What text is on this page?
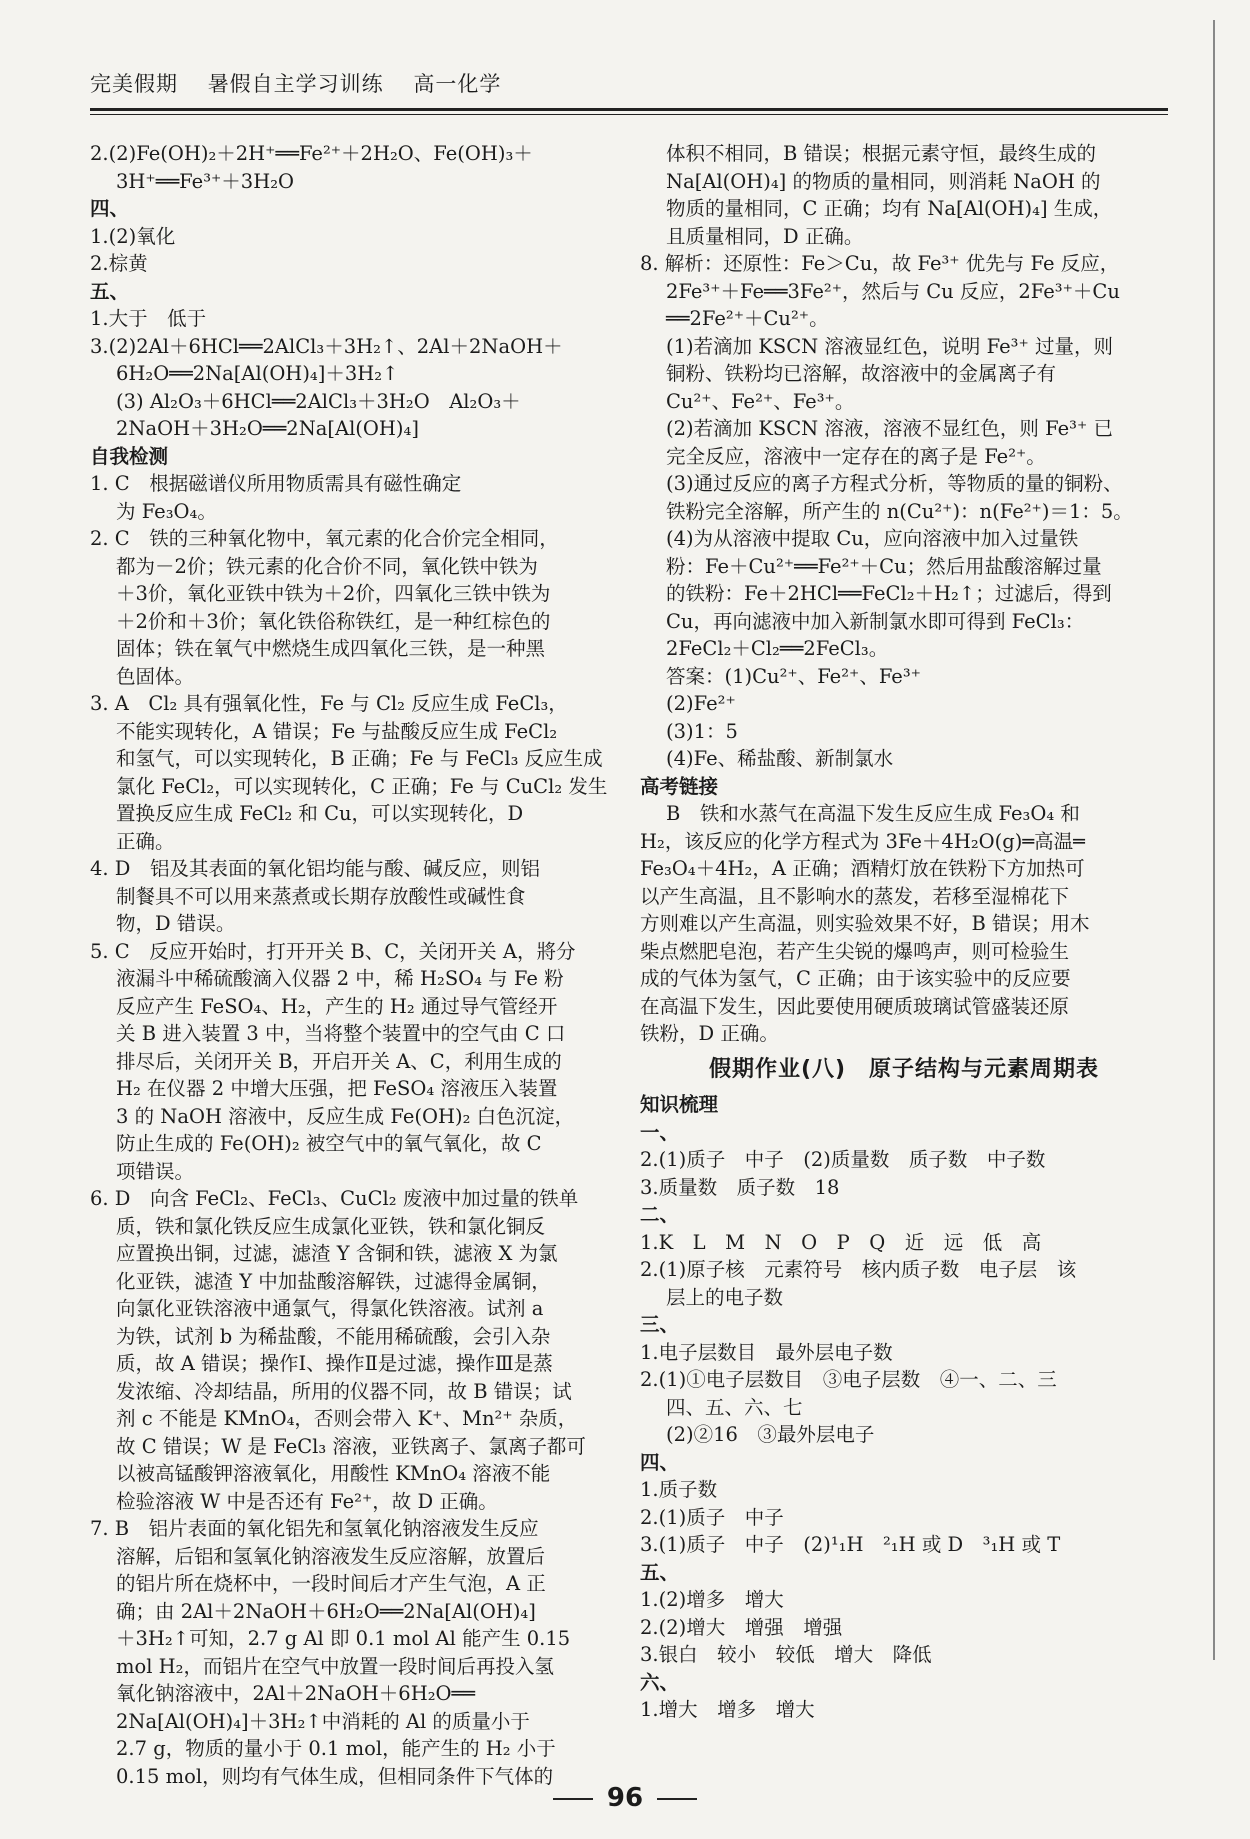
完美假期 暑假自主学习训练 高一化学

2.(2)Fe(OH)₂＋2H⁺══Fe²⁺＋2H₂O、Fe(OH)₃＋

3H⁺══Fe³⁺＋3H₂O

四、

1.(2)氧化

2.棕黄

五、

1.大于　低于

3.(2)2Al＋6HCl══2AlCl₃＋3H₂↑、2Al＋2NaOH＋

6H₂O══2Na[Al(OH)₄]＋3H₂↑

(3) Al₂O₃＋6HCl══2AlCl₃＋3H₂O　Al₂O₃＋

2NaOH＋3H₂O══2Na[Al(OH)₄]

自我检测

1. C　根据磁谱仪所用物质需具有磁性确定

为 Fe₃O₄。

2. C　铁的三种氧化物中，氧元素的化合价完全相同，

都为－2价；铁元素的化合价不同，氧化铁中铁为

＋3价，氧化亚铁中铁为＋2价，四氧化三铁中铁为

＋2价和＋3价；氧化铁俗称铁红，是一种红棕色的

固体；铁在氧气中燃烧生成四氧化三铁，是一种黑

色固体。

3. A　Cl₂ 具有强氧化性，Fe 与 Cl₂ 反应生成 FeCl₃，

不能实现转化，A 错误；Fe 与盐酸反应生成 FeCl₂

和氢气，可以实现转化，B 正确；Fe 与 FeCl₃ 反应生成

氯化 FeCl₂，可以实现转化，C 正确；Fe 与 CuCl₂ 发生

置换反应生成 FeCl₂ 和 Cu，可以实现转化，D

正确。

4. D　铝及其表面的氧化铝均能与酸、碱反应，则铝

制餐具不可以用来蒸煮或长期存放酸性或碱性食

物，D 错误。

5. C　反应开始时，打开开关 B、C，关闭开关 A，將分

液漏斗中稀硫酸滴入仪器 2 中，稀 H₂SO₄ 与 Fe 粉

反应产生 FeSO₄、H₂，产生的 H₂ 通过导气管经开

关 B 进入装置 3 中，当将整个装置中的空气由 C 口

排尽后，关闭开关 B，开启开关 A、C，利用生成的

H₂ 在仪器 2 中增大压强，把 FeSO₄ 溶液压入装置

3 的 NaOH 溶液中，反应生成 Fe(OH)₂ 白色沉淀，

防止生成的 Fe(OH)₂ 被空气中的氧气氧化，故 C

项错误。

6. D　向含 FeCl₂、FeCl₃、CuCl₂ 废液中加过量的铁单

质，铁和氯化铁反应生成氯化亚铁，铁和氯化铜反

应置换出铜，过滤，滤渣 Y 含铜和铁，滤液 X 为氯

化亚铁，滤渣 Y 中加盐酸溶解铁，过滤得金属铜，

向氯化亚铁溶液中通氯气，得氯化铁溶液。试剂 a

为铁，试剂 b 为稀盐酸，不能用稀硫酸，会引入杂

质，故 A 错误；操作Ⅰ、操作Ⅱ是过滤，操作Ⅲ是蒸

发浓缩、冷却结晶，所用的仪器不同，故 B 错误；试

剂 c 不能是 KMnO₄，否则会带入 K⁺、Mn²⁺ 杂质，

故 C 错误；W 是 FeCl₃ 溶液，亚铁离子、氯离子都可

以被高锰酸钾溶液氧化，用酸性 KMnO₄ 溶液不能

检验溶液 W 中是否还有 Fe²⁺，故 D 正确。

7. B　铝片表面的氧化铝先和氢氧化钠溶液发生反应

溶解，后铝和氢氧化钠溶液发生反应溶解，放置后

的铝片所在烧杯中，一段时间后才产生气泡，A 正

确；由 2Al＋2NaOH＋6H₂O══2Na[Al(OH)₄]

＋3H₂↑可知，2.7 g Al 即 0.1 mol Al 能产生 0.15

mol H₂，而铝片在空气中放置一段时间后再投入氢

氧化钠溶液中，2Al＋2NaOH＋6H₂O══

2Na[Al(OH)₄]＋3H₂↑中消耗的 Al 的质量小于

2.7 g，物质的量小于 0.1 mol，能产生的 H₂ 小于

0.15 mol，则均有气体生成，但相同条件下气体的

体积不相同，B 错误；根据元素守恒，最终生成的

Na[Al(OH)₄] 的物质的量相同，则消耗 NaOH 的

物质的量相同，C 正确；均有 Na[Al(OH)₄] 生成，

且质量相同，D 正确。

8. 解析：还原性：Fe＞Cu，故 Fe³⁺ 优先与 Fe 反应，

2Fe³⁺＋Fe══3Fe²⁺，然后与 Cu 反应，2Fe³⁺＋Cu

══2Fe²⁺＋Cu²⁺。

(1)若滴加 KSCN 溶液显红色，说明 Fe³⁺ 过量，则

铜粉、铁粉均已溶解，故溶液中的金属离子有

Cu²⁺、Fe²⁺、Fe³⁺。

(2)若滴加 KSCN 溶液，溶液不显红色，则 Fe³⁺ 已

完全反应，溶液中一定存在的离子是 Fe²⁺。

(3)通过反应的离子方程式分析，等物质的量的铜粉、

铁粉完全溶解，所产生的 n(Cu²⁺)：n(Fe²⁺)＝1：5。

(4)为从溶液中提取 Cu，应向溶液中加入过量铁

粉：Fe＋Cu²⁺══Fe²⁺＋Cu；然后用盐酸溶解过量

的铁粉：Fe＋2HCl══FeCl₂＋H₂↑；过滤后，得到

Cu，再向滤液中加入新制氯水即可得到 FeCl₃：

2FeCl₂＋Cl₂══2FeCl₃。

答案：(1)Cu²⁺、Fe²⁺、Fe³⁺

(2)Fe²⁺

(3)1：5

(4)Fe、稀盐酸、新制氯水

高考链接

B　铁和水蒸气在高温下发生反应生成 Fe₃O₄ 和

H₂，该反应的化学方程式为 3Fe＋4H₂O(g)═高温═

Fe₃O₄＋4H₂，A 正确；酒精灯放在铁粉下方加热可

以产生高温，且不影响水的蒸发，若移至湿棉花下

方则难以产生高温，则实验效果不好，B 错误；用木

柴点燃肥皂泡，若产生尖锐的爆鸣声，则可检验生

成的气体为氢气，C 正确；由于该实验中的反应要

在高温下发生，因此要使用硬质玻璃试管盛装还原

铁粉，D 正确。

假期作业(八)　原子结构与元素周期表

知识梳理

一、

2.(1)质子　中子　(2)质量数　质子数　中子数

3.质量数　质子数　18

二、

1.K　L　M　N　O　P　Q　近　远　低　高

2.(1)原子核　元素符号　核内质子数　电子层　该

层上的电子数

三、

1.电子层数目　最外层电子数

2.(1)①电子层数目　③电子层数　④一、二、三

四、五、六、七

(2)②16　③最外层电子

四、

1.质子数

2.(1)质子　中子

3.(1)质子　中子　(2)¹₁H　²₁H 或 D　³₁H 或 T

五、

1.(2)增多　增大

2.(2)增大　增强　增强

3.银白　较小　较低　增大　降低

六、

1.增大　增多　增大

96
